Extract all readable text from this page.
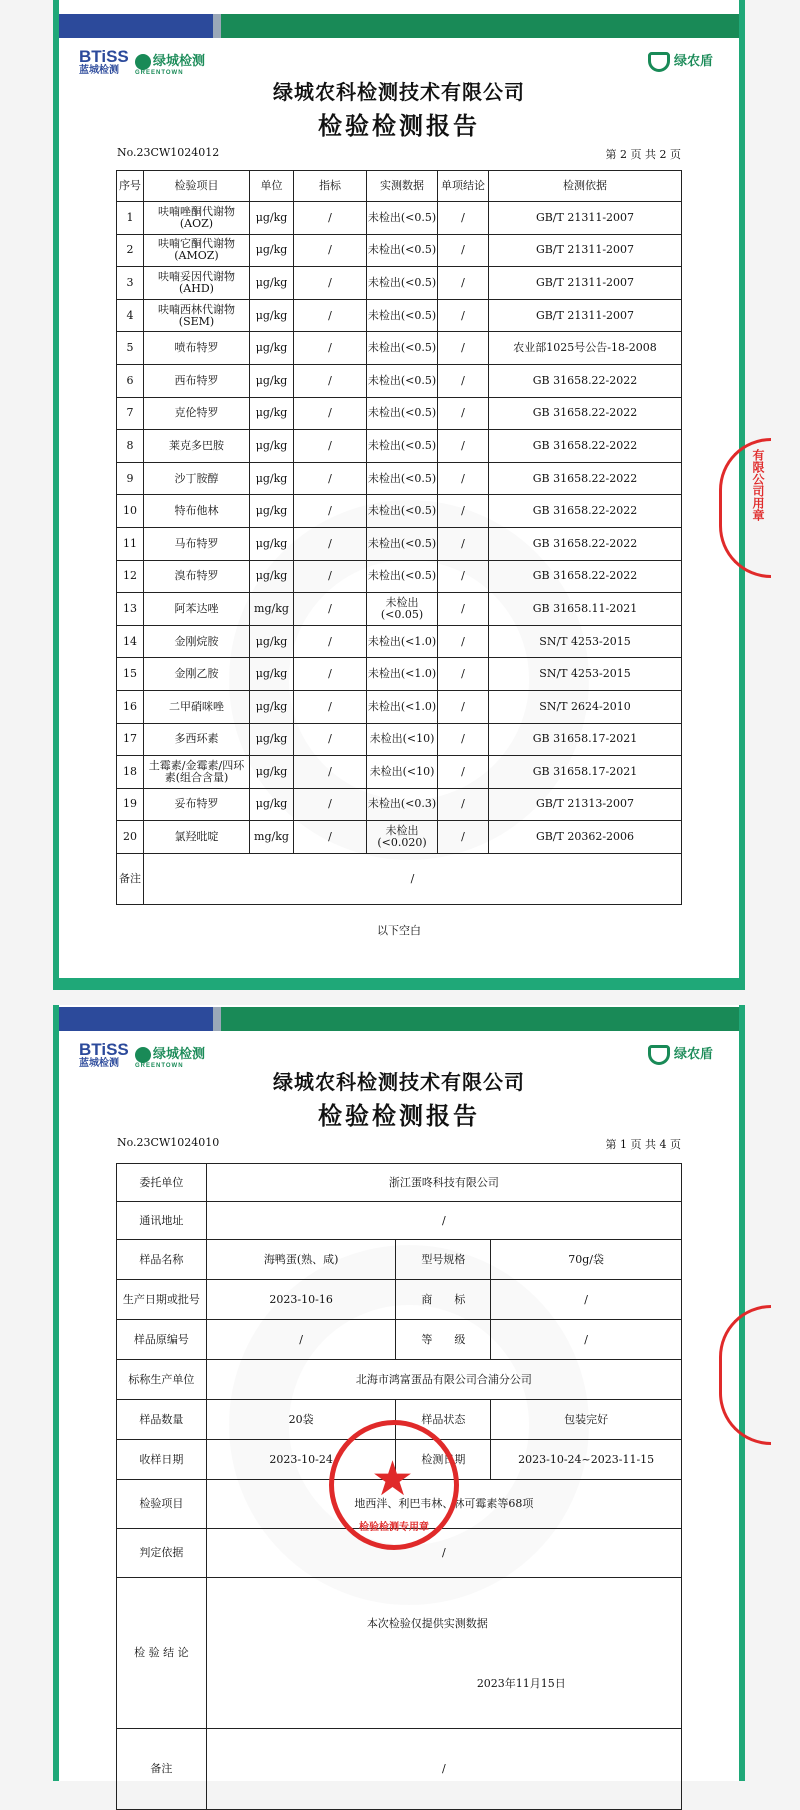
BTiSS
蓝城检测
绿城检测
GREENTOWN
绿农盾
绿城农科检测技术有限公司
检验检测报告
No.23CW1024012	第 2 页 共 2 页
序号	检验项目	单位	指标	实测数据	单项结论	检测依据
1	呋喃唑酮代谢物(AOZ)	μg/kg	/	未检出(<0.5)	/	GB/T 21311-2007
2	呋喃它酮代谢物(AMOZ)	μg/kg	/	未检出(<0.5)	/	GB/T 21311-2007
3	呋喃妥因代谢物(AHD)	μg/kg	/	未检出(<0.5)	/	GB/T 21311-2007
4	呋喃西林代谢物(SEM)	μg/kg	/	未检出(<0.5)	/	GB/T 21311-2007
5	喷布特罗	μg/kg	/	未检出(<0.5)	/	农业部1025号公告-18-2008
6	西布特罗	μg/kg	/	未检出(<0.5)	/	GB 31658.22-2022
7	克伦特罗	μg/kg	/	未检出(<0.5)	/	GB 31658.22-2022
8	莱克多巴胺	μg/kg	/	未检出(<0.5)	/	GB 31658.22-2022
9	沙丁胺醇	μg/kg	/	未检出(<0.5)	/	GB 31658.22-2022
10	特布他林	μg/kg	/	未检出(<0.5)	/	GB 31658.22-2022
11	马布特罗	μg/kg	/	未检出(<0.5)	/	GB 31658.22-2022
12	溴布特罗	μg/kg	/	未检出(<0.5)	/	GB 31658.22-2022
13	阿苯达唑	mg/kg	/	未检出(<0.05)	/	GB 31658.11-2021
14	金刚烷胺	μg/kg	/	未检出(<1.0)	/	SN/T 4253-2015
15	金刚乙胺	μg/kg	/	未检出(<1.0)	/	SN/T 4253-2015
16	二甲硝咪唑	μg/kg	/	未检出(<1.0)	/	SN/T 2624-2010
17	多西环素	μg/kg	/	未检出(<10)	/	GB 31658.17-2021
18	土霉素/金霉素/四环素(组合含量)	μg/kg	/	未检出(<10)	/	GB 31658.17-2021
19	妥布特罗	μg/kg	/	未检出(<0.3)	/	GB/T 21313-2007
20	氯羟吡啶	mg/kg	/	未检出(<0.020)	/	GB/T 20362-2006
备注	/					
以下空白
有限公司用章
BTiSS
蓝城检测
绿城检测
GREENTOWN
绿农盾
绿城农科检测技术有限公司
检验检测报告
No.23CW1024010	第 1 页 共 4 页
委托单位	浙江蛋咚科技有限公司		
通讯地址	/		
样品名称	海鸭蛋(熟、咸)	型号规格	70g/袋
生产日期或批号	2023-10-16	商　　标	/
样品原编号	/	等　　级	/
标称生产单位	北海市鸿富蛋品有限公司合浦分公司		
样品数量	20袋	样品状态	包装完好
收样日期	2023-10-24	检测日期	2023-10-24~2023-11-15
检验项目	地西泮、利巴韦林、林可霉素等68项		
判定依据	/		
检 验 结 论	本次检验仅提供实测数据
2023年11月15日		

备注	/		
★
检验检测专用章
